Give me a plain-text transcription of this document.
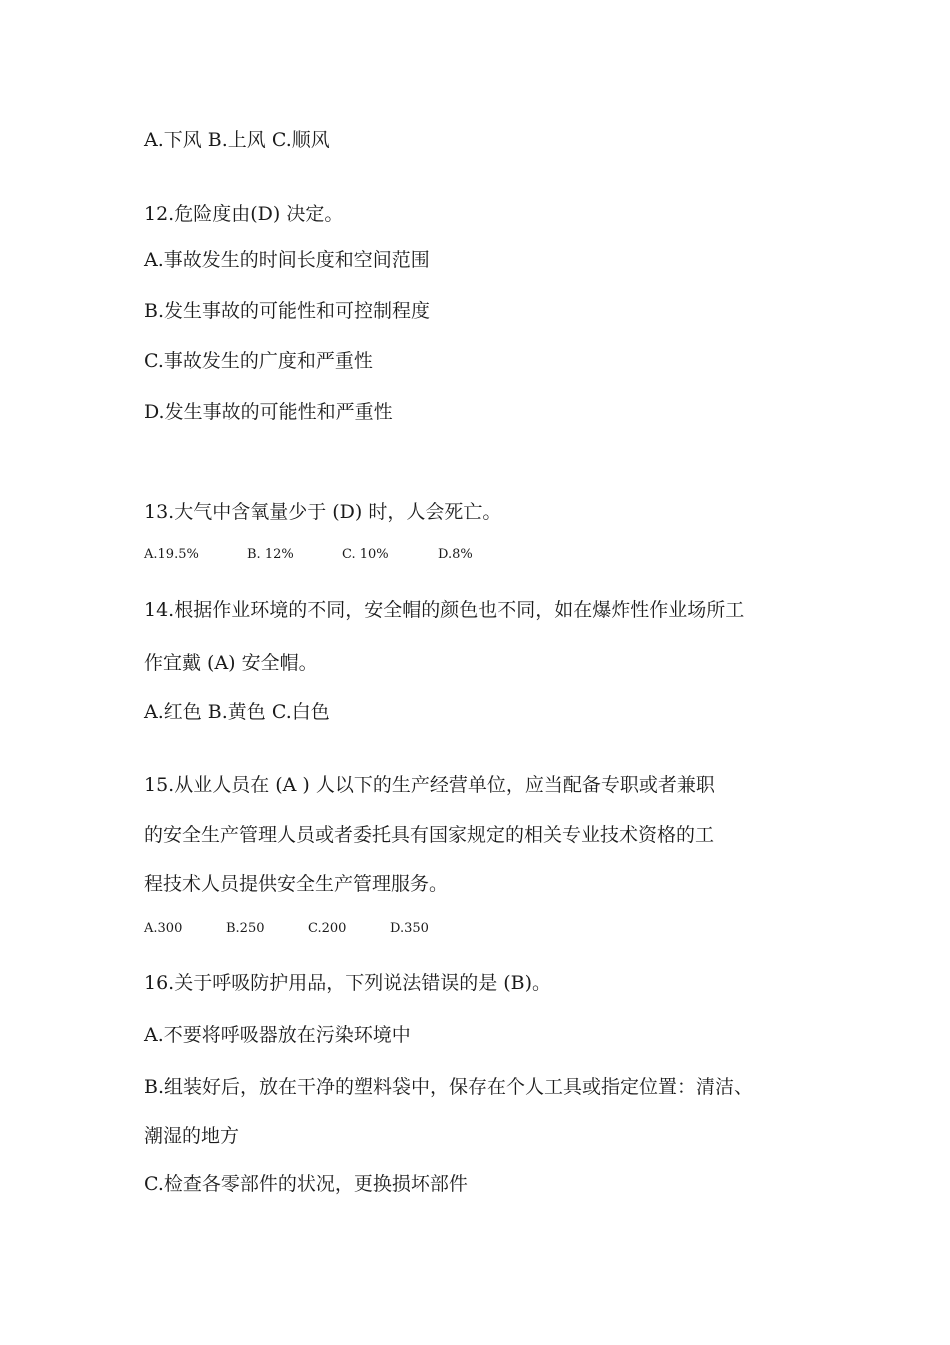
A.下风 B.上风 C.顺风
12.危险度由(D) 决定。
A.事故发生的时间长度和空间范围
B.发生事故的可能性和可控制程度
C.事故发生的广度和严重性
D.发生事故的可能性和严重性
13.大气中含氧量少于 (D) 时，人会死亡。
A.19.5%	B. 12%	C. 10%	D.8%
14.根据作业环境的不同，安全帽的颜色也不同，如在爆炸性作业场所工
作宜戴 (A) 安全帽。
A.红色 B.黄色 C.白色
15.从业人员在 (A ) 人以下的生产经营单位，应当配备专职或者兼职
的安全生产管理人员或者委托具有国家规定的相关专业技术资格的工
程技术人员提供安全生产管理服务。
A.300	B.250	C.200	D.350
16.关于呼吸防护用品，下列说法错误的是 (B)。
A.不要将呼吸器放在污染环境中
B.组装好后，放在干净的塑料袋中，保存在个人工具或指定位置：清洁、
潮湿的地方
C.检查各零部件的状况，更换损坏部件
